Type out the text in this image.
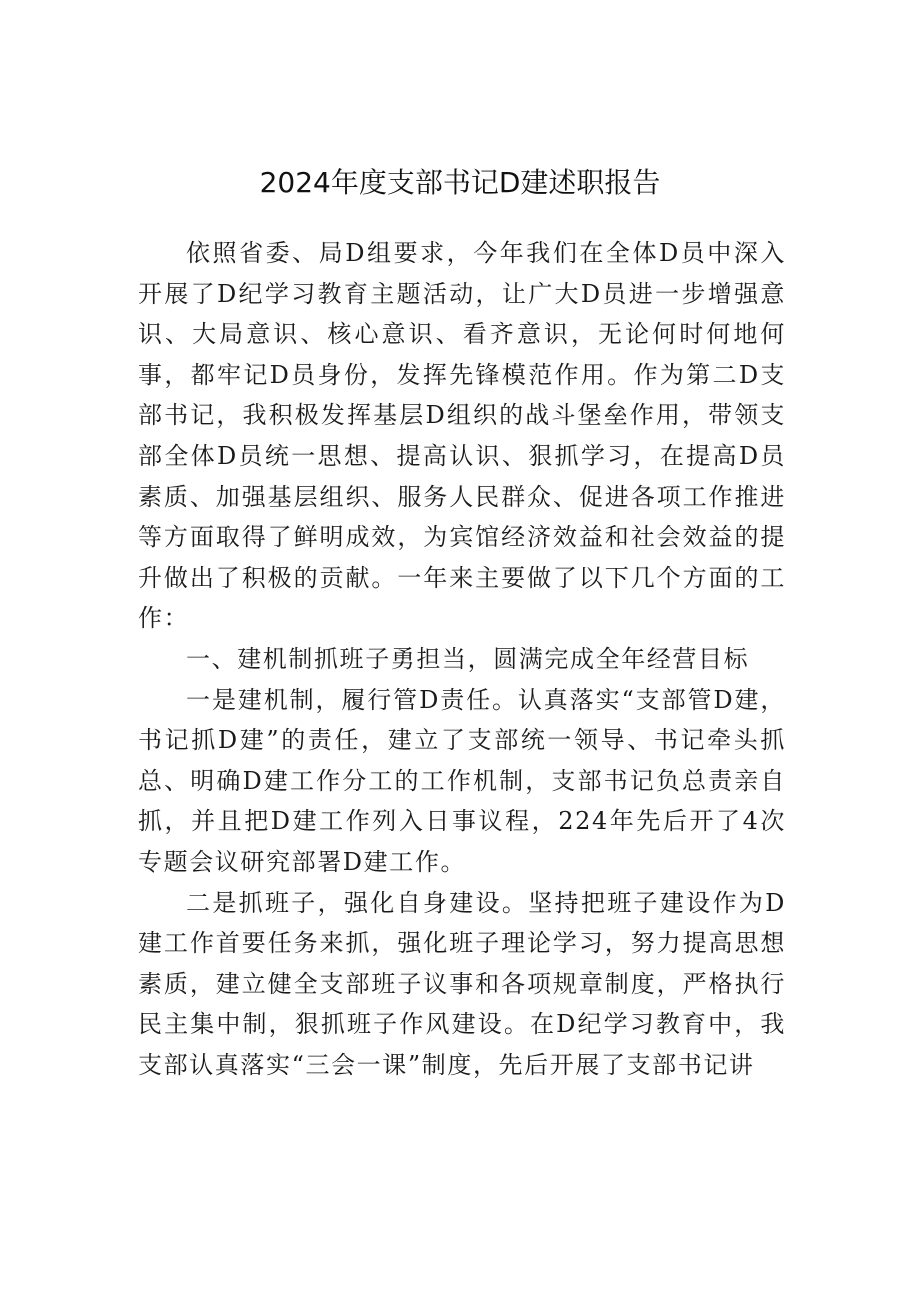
2024年度支部书记D建述职报告

依照省委、局D组要求，今年我们在全体D员中深入开展了D纪学习教育主题活动，让广大D员进一步增强意识、大局意识、核心意识、看齐意识，无论何时何地何事，都牢记D员身份，发挥先锋模范作用。作为第二D支部书记，我积极发挥基层D组织的战斗堡垒作用，带领支部全体D员统一思想、提高认识、狠抓学习，在提高D员素质、加强基层组织、服务人民群众、促进各项工作推进等方面取得了鲜明成效，为宾馆经济效益和社会效益的提升做出了积极的贡献。一年来主要做了以下几个方面的工作：

一、建机制抓班子勇担当，圆满完成全年经营目标

一是建机制，履行管D责任。认真落实“支部管D建，书记抓D建”的责任，建立了支部统一领导、书记牵头抓总、明确D建工作分工的工作机制，支部书记负总责亲自抓，并且把D建工作列入日事议程，224年先后开了4次专题会议研究部署D建工作。

二是抓班子，强化自身建设。坚持把班子建设作为D建工作首要任务来抓，强化班子理论学习，努力提高思想素质，建立健全支部班子议事和各项规章制度，严格执行民主集中制，狠抓班子作风建设。在D纪学习教育中，我支部认真落实“三会一课”制度，先后开展了支部书记讲
